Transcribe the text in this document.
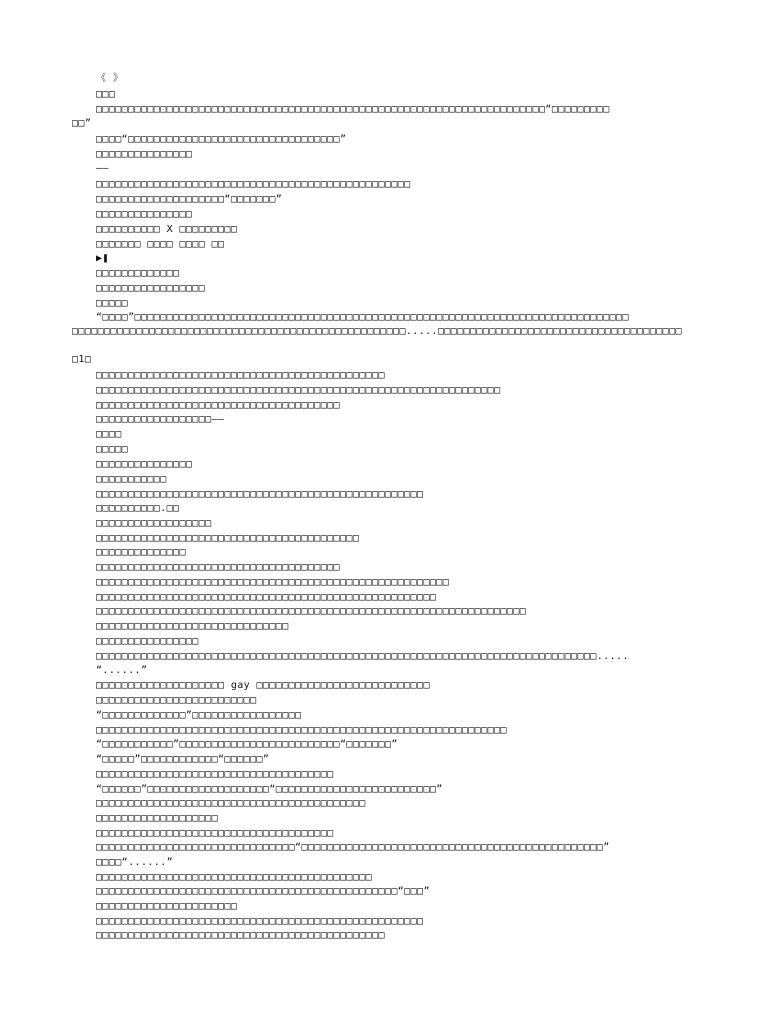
《 》
□□□
□□□□□□□□□□□□□□□□□□□□□□□□□□□□□□□□□□□□□□□□□□□□□□□□□□□□□□□□□□□□□□□□□□□□□□“□□□□□□□□□
□□”
□□□□“□□□□□□□□□□□□□□□□□□□□□□□□□□□□□□□□□”
□□□□□□□□□□□□□□□
——
□□□□□□□□□□□□□□□□□□□□□□□□□□□□□□□□□□□□□□□□□□□□□□□□□
□□□□□□□□□□□□□□□□□□□□“□□□□□□□”
□□□□□□□□□□□□□□□
□□□□□□□□□□ X □□□□□□□□□
□□□□□□□ □□□□ □□□□ □□
▶❚
□□□□□□□□□□□□□
□□□□□□□□□□□□□□□□□
□□□□□
“□□□□”□□□□□□□□□□□□□□□□□□□□□□□□□□□□□□□□□□□□□□□□□□□□□□□□□□□□□□□□□□□□□□□□□□□□□□□□□□□□□
□□□□□□□□□□□□□□□□□□□□□□□□□□□□□□□□□□□□□□□□□□□□□□□□□□□□.....□□□□□□□□□□□□□□□□□□□□□□□□□□□□□□□□□□□□□□
□1□
□□□□□□□□□□□□□□□□□□□□□□□□□□□□□□□□□□□□□□□□□□□□□
□□□□□□□□□□□□□□□□□□□□□□□□□□□□□□□□□□□□□□□□□□□□□□□□□□□□□□□□□□□□□□□
□□□□□□□□□□□□□□□□□□□□□□□□□□□□□□□□□□□□□□
□□□□□□□□□□□□□□□□□□——
□□□□
□□□□□
□□□□□□□□□□□□□□□
□□□□□□□□□□□
□□□□□□□□□□□□□□□□□□□□□□□□□□□□□□□□□□□□□□□□□□□□□□□□□□□
□□□□□□□□□□.□□
□□□□□□□□□□□□□□□□□□
□□□□□□□□□□□□□□□□□□□□□□□□□□□□□□□□□□□□□□□□□
□□□□□□□□□□□□□□
□□□□□□□□□□□□□□□□□□□□□□□□□□□□□□□□□□□□□□
□□□□□□□□□□□□□□□□□□□□□□□□□□□□□□□□□□□□□□□□□□□□□□□□□□□□□□□
□□□□□□□□□□□□□□□□□□□□□□□□□□□□□□□□□□□□□□□□□□□□□□□□□□□□□
□□□□□□□□□□□□□□□□□□□□□□□□□□□□□□□□□□□□□□□□□□□□□□□□□□□□□□□□□□□□□□□□□□□
□□□□□□□□□□□□□□□□□□□□□□□□□□□□□□
□□□□□□□□□□□□□□□□
□□□□□□□□□□□□□□□□□□□□□□□□□□□□□□□□□□□□□□□□□□□□□□□□□□□□□□□□□□□□□□□□□□□□□□□□□□□□□□.....
“......”
□□□□□□□□□□□□□□□□□□□□ gay □□□□□□□□□□□□□□□□□□□□□□□□□□□
□□□□□□□□□□□□□□□□□□□□□□□□□
“□□□□□□□□□□□□□”□□□□□□□□□□□□□□□□□
□□□□□□□□□□□□□□□□□□□□□□□□□□□□□□□□□□□□□□□□□□□□□□□□□□□□□□□□□□□□□□□□
“□□□□□□□□□□□”□□□□□□□□□□□□□□□□□□□□□□□□□“□□□□□□□”
“□□□□□”□□□□□□□□□□□□“□□□□□□”
□□□□□□□□□□□□□□□□□□□□□□□□□□□□□□□□□□□□□
“□□□□□□”□□□□□□□□□□□□□□□□□□□“□□□□□□□□□□□□□□□□□□□□□□□□□”
□□□□□□□□□□□□□□□□□□□□□□□□□□□□□□□□□□□□□□□□□□
□□□□□□□□□□□□□□□□□□□
□□□□□□□□□□□□□□□□□□□□□□□□□□□□□□□□□□□□□
□□□□□□□□□□□□□□□□□□□□□□□□□□□□□□□“□□□□□□□□□□□□□□□□□□□□□□□□□□□□□□□□□□□□□□□□□□□□□□□”
□□□□“......”
□□□□□□□□□□□□□□□□□□□□□□□□□□□□□□□□□□□□□□□□□□□
□□□□□□□□□□□□□□□□□□□□□□□□□□□□□□□□□□□□□□□□□□□□□□□“□□□”
□□□□□□□□□□□□□□□□□□□□□□
□□□□□□□□□□□□□□□□□□□□□□□□□□□□□□□□□□□□□□□□□□□□□□□□□□□
□□□□□□□□□□□□□□□□□□□□□□□□□□□□□□□□□□□□□□□□□□□□□
